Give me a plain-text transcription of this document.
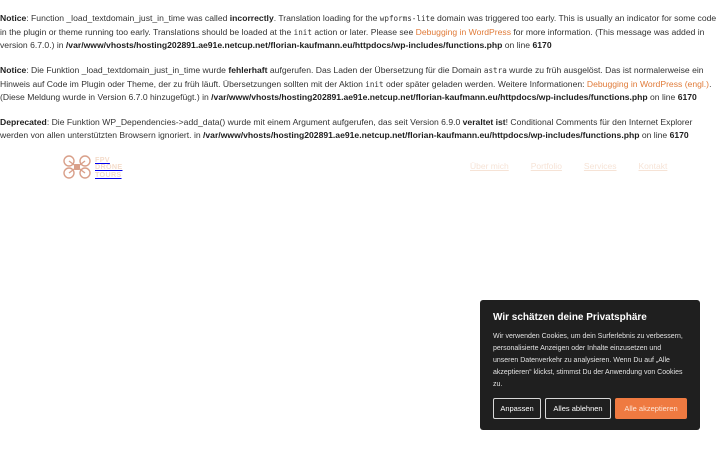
Notice: Function _load_textdomain_just_in_time was called incorrectly. Translation loading for the wpforms-lite domain was triggered too early. This is usually an indicator for some code in the plugin or theme running too early. Translations should be loaded at the init action or later. Please see Debugging in WordPress for more information. (This message was added in version 6.7.0.) in /var/www/vhosts/hosting202891.ae91e.netcup.net/florian-kaufmann.eu/httpdocs/wp-includes/functions.php on line 6170

Notice: Die Funktion _load_textdomain_just_in_time wurde fehlerhaft aufgerufen. Das Laden der Übersetzung für die Domain astra wurde zu früh ausgelöst. Das ist normalerweise ein Hinweis auf Code im Plugin oder Theme, der zu früh läuft. Übersetzungen sollten mit der Aktion init oder später geladen werden. Weitere Informationen: Debugging in WordPress (engl.). (Diese Meldung wurde in Version 6.7.0 hinzugefügt.) in /var/www/vhosts/hosting202891.ae91e.netcup.net/florian-kaufmann.eu/httpdocs/wp-includes/functions.php on line 6170

Deprecated: Die Funktion WP_Dependencies->add_data() wurde mit einem Argument aufgerufen, das seit Version 6.9.0 veraltet ist! Conditional Comments für den Internet Explorer werden von allen unterstützten Browsern ignoriert. in /var/www/vhosts/hosting202891.ae91e.netcup.net/florian-kaufmann.eu/httpdocs/wp-includes/functions.php on line 6170

FPV
DRONE
TOURS
Über mich	Portfolio	Services	Kontakt
Wir schätzen deine Privatsphäre
Wir verwenden Cookies, um dein Surferlebnis zu verbessern, personalisierte Anzeigen oder Inhalte einzusetzen und unseren Datenverkehr zu analysieren. Wenn Du auf „Alle akzeptieren“ klickst, stimmst Du der Anwendung von Cookies zu.
Anpassen	Alles ablehnen	Alle akzeptieren
